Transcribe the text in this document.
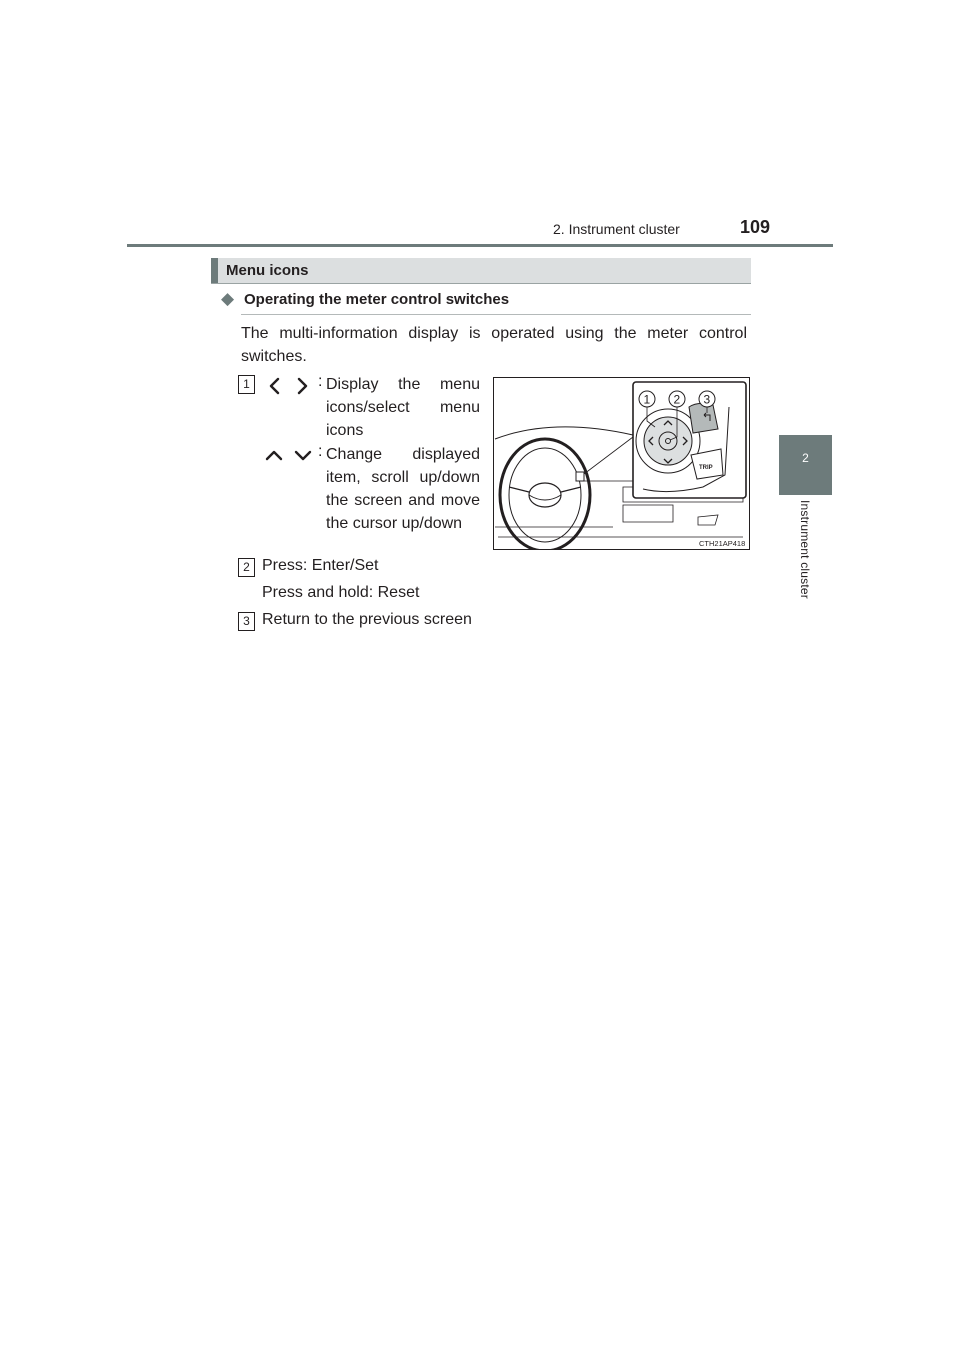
2. Instrument cluster	109
2
Instrument cluster
Menu icons
◆ Operating the meter control switches
The multi-information display is operated using the meter control switches.
1	: Display the menu icons/select menu icons
: Change displayed item, scroll up/down the screen and move the cursor up/down
2 Press: Enter/Set
Press and hold: Reset
3 Return to the previous screen
TRIP
1 2 3
CTH21AP418
